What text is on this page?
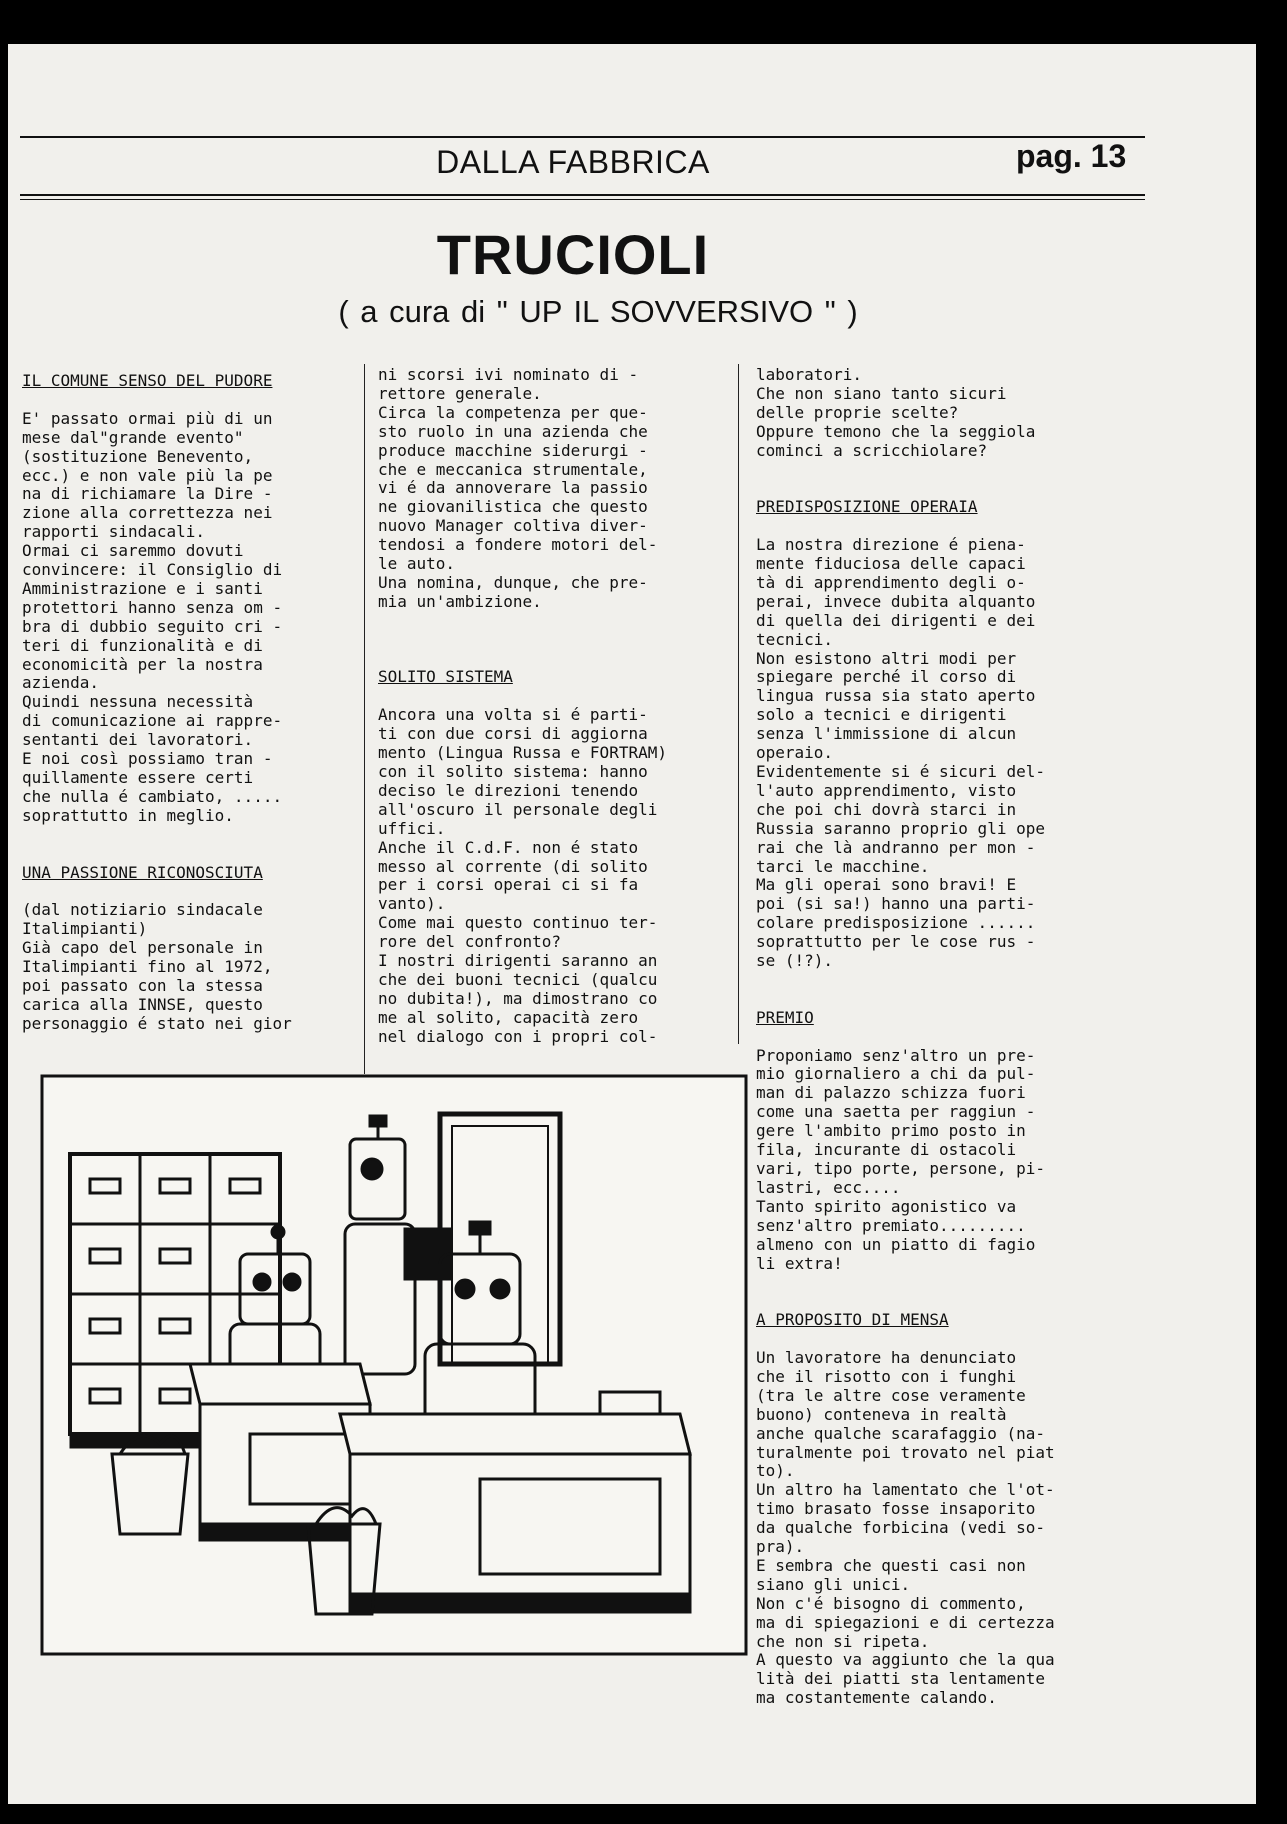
DALLA FABBRICA	pag. 13
TRUCIOLI
( a cura di " UP IL SOVVERSIVO " )
IL COMUNE SENSO DEL PUDORE
E' passato ormai più di un
mese dal"grande evento"
(sostituzione Benevento,
ecc.) e non vale più la pe
na di richiamare la Dire -
zione alla correttezza nei
rapporti sindacali.
Ormai ci saremmo dovuti
convincere: il Consiglio di
Amministrazione e i santi
protettori hanno senza om -
bra di dubbio seguito cri -
teri di funzionalità e di
economicità per la nostra
azienda.
Quindi nessuna necessità
di comunicazione ai rappre-
sentanti dei lavoratori.
E noi così possiamo tran -
quillamente essere certi
che nulla é cambiato, .....
soprattutto in meglio.
UNA PASSIONE RICONOSCIUTA
(dal notiziario sindacale
Italimpianti)
Già capo del personale in
Italimpianti fino al 1972,
poi passato con la stessa
carica alla INNSE, questo
personaggio é stato nei gior
ni scorsi ivi nominato di -
rettore generale.
Circa la competenza per que-
sto ruolo in una azienda che
produce macchine siderurgi -
che e meccanica strumentale,
vi é da annoverare la passio
ne giovanilistica che questo
nuovo Manager coltiva diver-
tendosi a fondere motori del-
le auto.
Una nomina, dunque, che pre-
mia un'ambizione.
SOLITO SISTEMA
Ancora una volta si é parti-
ti con due corsi di aggiorna
mento (Lingua Russa e FORTRAM)
con il solito sistema: hanno
deciso le direzioni tenendo
all'oscuro il personale degli
uffici.
Anche il C.d.F. non é stato
messo al corrente (di solito
per i corsi operai ci si fa
vanto).
Come mai questo continuo ter-
rore del confronto?
I nostri dirigenti saranno an
che dei buoni tecnici (qualcu
no dubita!), ma dimostrano co
me al solito, capacità zero
nel dialogo con i propri col-
laboratori.
Che non siano tanto sicuri
delle proprie scelte?
Oppure temono che la seggiola
cominci a scricchiolare?
PREDISPOSIZIONE OPERAIA
La nostra direzione é piena-
mente fiduciosa delle capaci
tà di apprendimento degli o-
perai, invece dubita alquanto
di quella dei dirigenti e dei
tecnici.
Non esistono altri modi per
spiegare perché il corso di
lingua russa sia stato aperto
solo a tecnici e dirigenti
senza l'immissione di alcun
operaio.
Evidentemente si é sicuri del-
l'auto apprendimento, visto
che poi chi dovrà starci in
Russia saranno proprio gli ope
rai che là andranno per mon -
tarci le macchine.
Ma gli operai sono bravi! E
poi (si sa!) hanno una parti-
colare predisposizione ......
soprattutto per le cose rus -
se (!?).
PREMIO
Proponiamo senz'altro un pre-
mio giornaliero a chi da pul-
man di palazzo schizza fuori
come una saetta per raggiun -
gere l'ambito primo posto in
fila, incurante di ostacoli
vari, tipo porte, persone, pi-
lastri, ecc....
Tanto spirito agonistico va
senz'altro premiato.........
almeno con un piatto di fagio
li extra!
A PROPOSITO DI MENSA
Un lavoratore ha denunciato
che il risotto con i funghi
(tra le altre cose veramente
buono) conteneva in realtà
anche qualche scarafaggio (na-
turalmente poi trovato nel piat
to).
Un altro ha lamentato che l'ot-
timo brasato fosse insaporito
da qualche forbicina (vedi so-
pra).
E sembra che questi casi non
siano gli unici.
Non c'é bisogno di commento,
ma di spiegazioni e di certezza
che non si ripeta.
A questo va aggiunto che la qua
lità dei piatti sta lentamente
ma costantemente calando.
